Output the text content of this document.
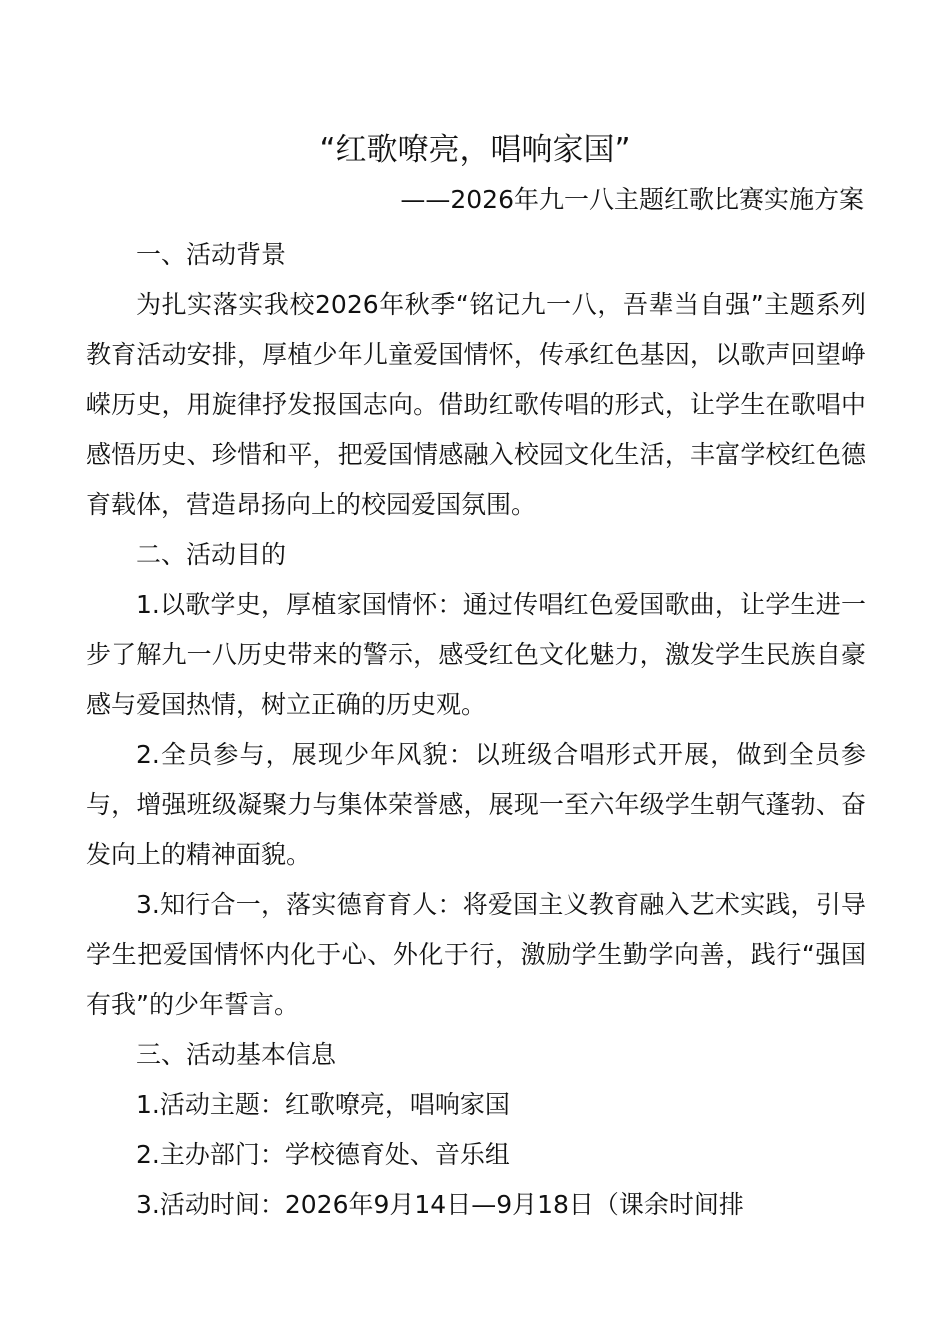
“红歌嘹亮，唱响家国”
——2026年九一八主题红歌比赛实施方案

一、活动背景

为扎实落实我校2026年秋季“铭记九一八，吾辈当自强”主题系列教育活动安排，厚植少年儿童爱国情怀，传承红色基因，以歌声回望峥嵘历史，用旋律抒发报国志向。借助红歌传唱的形式，让学生在歌唱中感悟历史、珍惜和平，把爱国情感融入校园文化生活，丰富学校红色德育载体，营造昂扬向上的校园爱国氛围。

二、活动目的

1.以歌学史，厚植家国情怀：通过传唱红色爱国歌曲，让学生进一步了解九一八历史带来的警示，感受红色文化魅力，激发学生民族自豪感与爱国热情，树立正确的历史观。

2.全员参与，展现少年风貌：以班级合唱形式开展，做到全员参与，增强班级凝聚力与集体荣誉感，展现一至六年级学生朝气蓬勃、奋发向上的精神面貌。

3.知行合一，落实德育育人：将爱国主义教育融入艺术实践，引导学生把爱国情怀内化于心、外化于行，激励学生勤学向善，践行“强国有我”的少年誓言。

三、活动基本信息

1.活动主题：红歌嘹亮，唱响家国

2.主办部门：学校德育处、音乐组

3.活动时间：2026年9月14日—9月18日（课余时间排
